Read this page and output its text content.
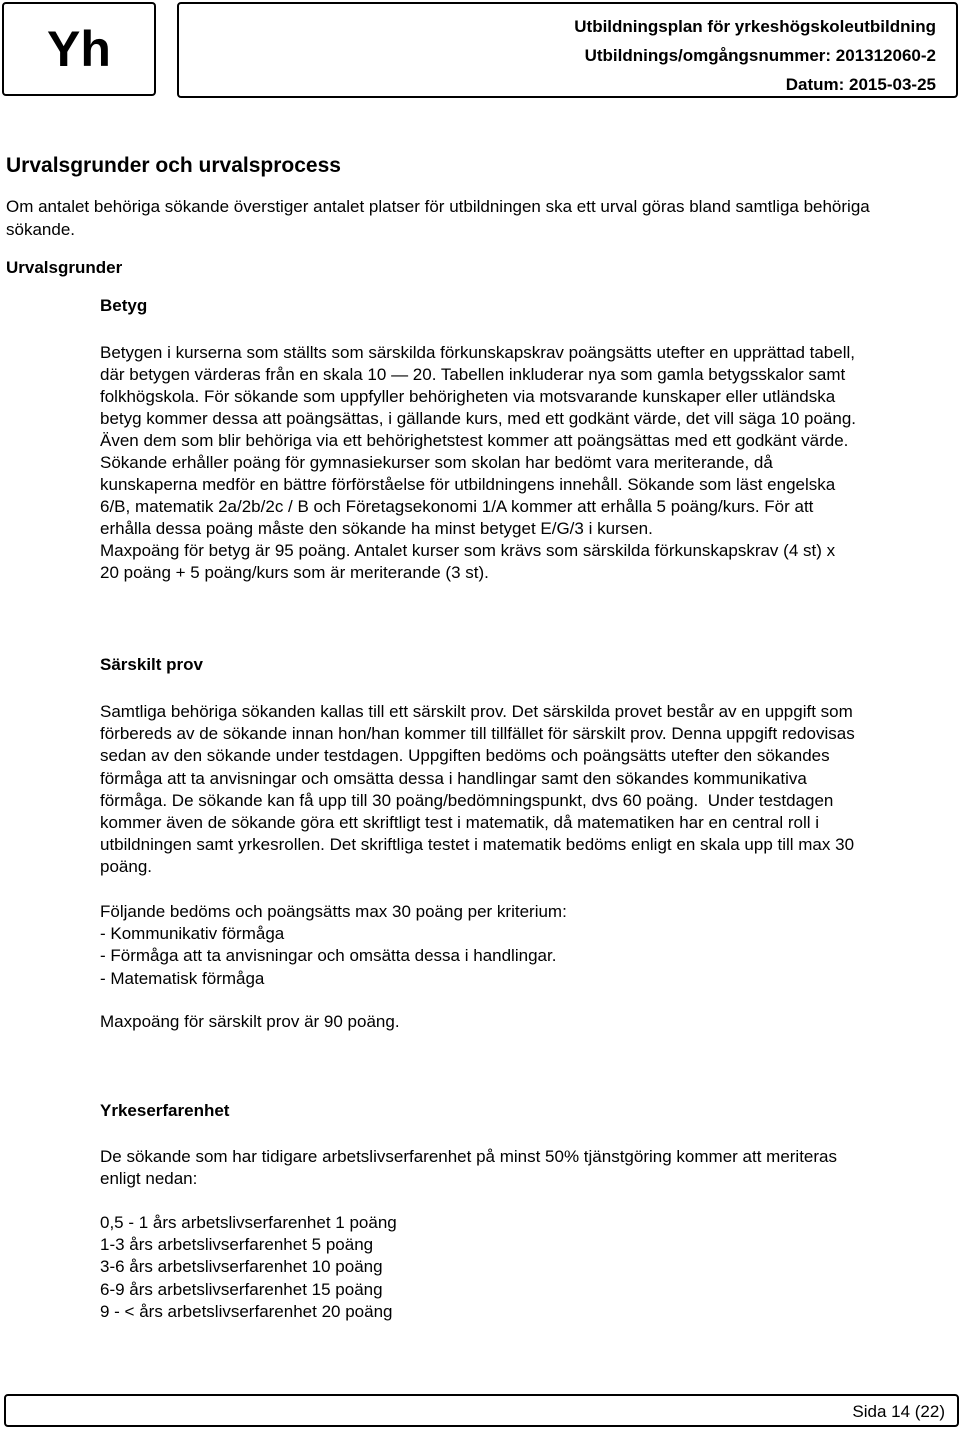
Yh	Utbildningsplan för yrkeshögskoleutbildning
Utbildnings/omgångsnummer: 201312060-2
Datum: 2015-03-25
Urvalsgrunder och urvalsprocess
Om antalet behöriga sökande överstiger antalet platser för utbildningen ska ett urval göras bland samtliga behöriga sökande.
Urvalsgrunder
Betyg
Betygen i kurserna som ställts som särskilda förkunskapskrav poängsätts utefter en upprättad tabell,
där betygen värderas från en skala 10 — 20. Tabellen inkluderar nya som gamla betygsskalor samt
folkhögskola. För sökande som uppfyller behörigheten via motsvarande kunskaper eller utländska
betyg kommer dessa att poängsättas, i gällande kurs, med ett godkänt värde, det vill säga 10 poäng.
Även dem som blir behöriga via ett behörighetstest kommer att poängsättas med ett godkänt värde.
Sökande erhåller poäng för gymnasiekurser som skolan har bedömt vara meriterande, då
kunskaperna medför en bättre förförståelse för utbildningens innehåll. Sökande som läst engelska
6/B, matematik 2a/2b/2c / B och Företagsekonomi 1/A kommer att erhålla 5 poäng/kurs. För att
erhålla dessa poäng måste den sökande ha minst betyget E/G/3 i kursen.
Maxpoäng för betyg är 95 poäng. Antalet kurser som krävs som särskilda förkunskapskrav (4 st) x
20 poäng + 5 poäng/kurs som är meriterande (3 st).
Särskilt prov
Samtliga behöriga sökanden kallas till ett särskilt prov. Det särskilda provet består av en uppgift som
förbereds av de sökande innan hon/han kommer till tillfället för särskilt prov. Denna uppgift redovisas
sedan av den sökande under testdagen. Uppgiften bedöms och poängsätts utefter den sökandes
förmåga att ta anvisningar och omsätta dessa i handlingar samt den sökandes kommunikativa
förmåga. De sökande kan få upp till 30 poäng/bedömningspunkt, dvs 60 poäng.  Under testdagen
kommer även de sökande göra ett skriftligt test i matematik, då matematiken har en central roll i
utbildningen samt yrkesrollen. Det skriftliga testet i matematik bedöms enligt en skala upp till max 30
poäng.
Följande bedöms och poängsätts max 30 poäng per kriterium:
- Kommunikativ förmåga
- Förmåga att ta anvisningar och omsätta dessa i handlingar.
- Matematisk förmåga
Maxpoäng för särskilt prov är 90 poäng.
Yrkeserfarenhet
De sökande som har tidigare arbetslivserfarenhet på minst 50% tjänstgöring kommer att meriteras
enligt nedan:
0,5 - 1 års arbetslivserfarenhet 1 poäng
1-3 års arbetslivserfarenhet 5 poäng
3-6 års arbetslivserfarenhet 10 poäng
6-9 års arbetslivserfarenhet 15 poäng
9 - < års arbetslivserfarenhet 20 poäng
Sida 14 (22)
